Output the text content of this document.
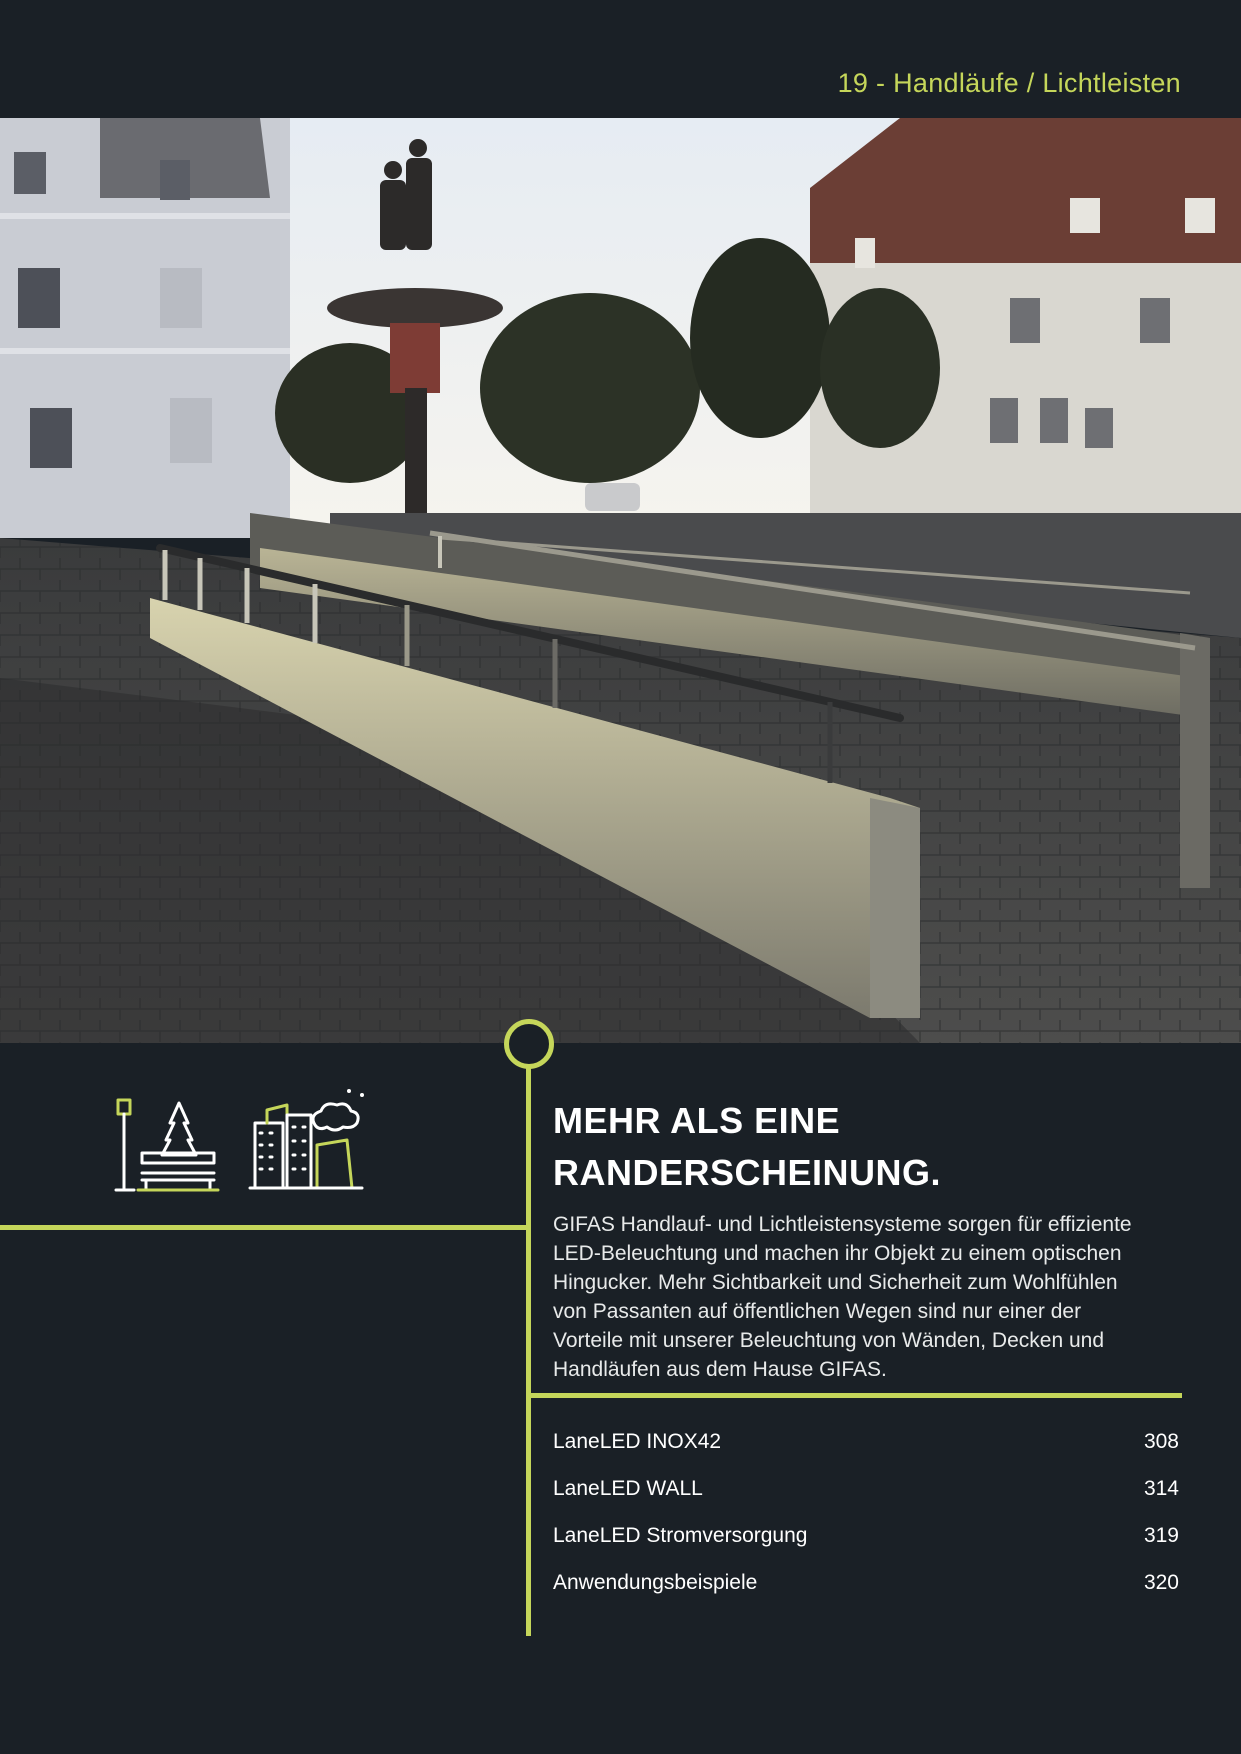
19 - Handläufe / Lichtleisten
MEHR ALS EINE
RANDERSCHEINUNG.
GIFAS Handlauf- und Lichtleistensysteme sorgen für effiziente
LED-Beleuchtung und machen ihr Objekt zu einem optischen
Hingucker. Mehr Sichtbarkeit und Sicherheit zum Wohlfühlen
von Passanten auf öffentlichen Wegen sind nur einer der
Vorteile mit unserer Beleuchtung von Wänden, Decken und
Handläufen aus dem Hause GIFAS.
LaneLED INOX42	308
LaneLED WALL	314
LaneLED Stromversorgung	319
Anwendungsbeispiele	320
